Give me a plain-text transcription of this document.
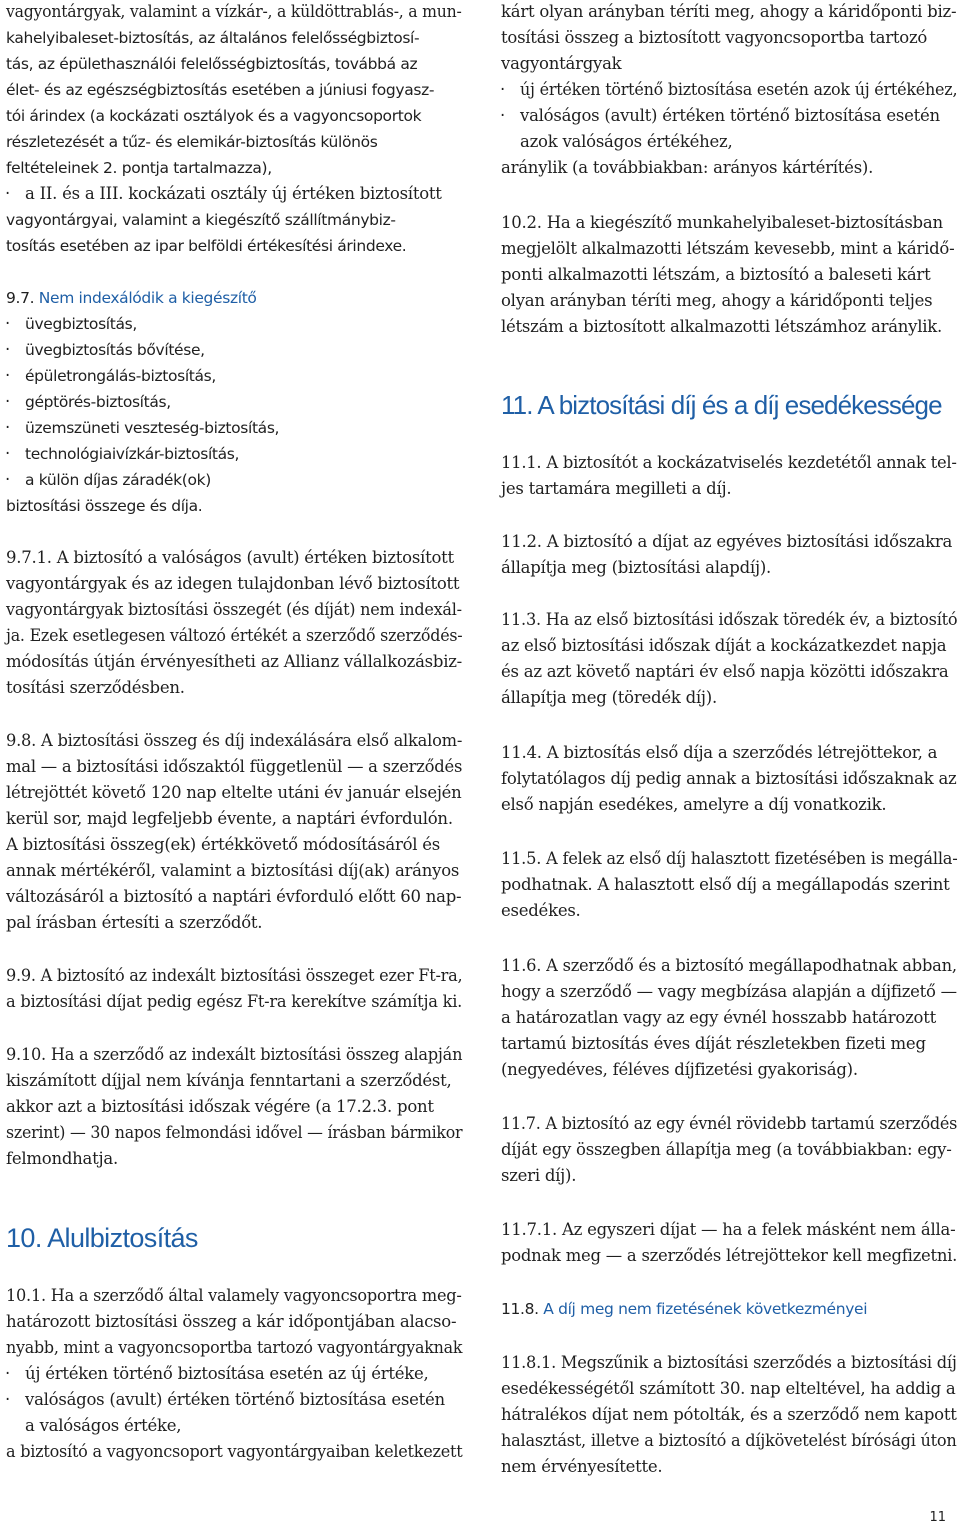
vagyontárgyak, valamint a vízkár-, a küldöttrablás-, a mun-
kahelyibaleset-biztosítás, az általános felelősségbiztosí-
tás, az épülethasználói felelősségbiztosítás, továbbá az
élet- és az egészségbiztosítás esetében a júniusi fogyasz-
tói árindex (a kockázati osztályok és a vagyoncsoportok
részletezését a tűz- és elemikár-biztosítás különös
feltételeinek 2. pontja tartalmazza),
· a II. és a III. kockázati osztály új értéken biztosított
vagyontárgyai, valamint a kiegészítő szállítmánybiz-
tosítás esetében az ipar belföldi értékesítési árindexe.
9.7. Nem indexálódik a kiegészítő
· üvegbiztosítás,
· üvegbiztosítás bővítése,
· épületrongálás-biztosítás,
· géptörés-biztosítás,
· üzemszüneti veszteség-biztosítás,
· technológiaivízkár-biztosítás,
· a külön díjas záradék(ok)
biztosítási összege és díja.
9.7.1. A biztosító a valóságos (avult) értéken biztosított
vagyontárgyak és az idegen tulajdonban lévő biztosított
vagyontárgyak biztosítási összegét (és díját) nem indexál-
ja. Ezek esetlegesen változó értékét a szerződő szerződés-
módosítás útján érvényesítheti az Allianz vállalkozásbiz-
tosítási szerződésben.
9.8. A biztosítási összeg és díj indexálására első alkalom-
mal — a biztosítási időszaktól függetlenül — a szerződés
létrejöttét követő 120 nap eltelte utáni év január elsején
kerül sor, majd legfeljebb évente, a naptári évfordulón.
A biztosítási összeg(ek) értékkövető módosításáról és
annak mértékéről, valamint a biztosítási díj(ak) arányos
változásáról a biztosító a naptári évforduló előtt 60 nap-
pal írásban értesíti a szerződőt.
9.9. A biztosító az indexált biztosítási összeget ezer Ft-ra,
a biztosítási díjat pedig egész Ft-ra kerekítve számítja ki.
9.10. Ha a szerződő az indexált biztosítási összeg alapján
kiszámított díjjal nem kívánja fenntartani a szerződést,
akkor azt a biztosítási időszak végére (a 17.2.3. pont
szerint) — 30 napos felmondási idővel — írásban bármikor
felmondhatja.
10. Alulbiztosítás
10.1. Ha a szerződő által valamely vagyoncsoportra meg-
határozott biztosítási összeg a kár időpontjában alacso-
nyabb, mint a vagyoncsoportba tartozó vagyontárgyaknak
· új értéken történő biztosítása esetén az új értéke,
· valóságos (avult) értéken történő biztosítása esetén
a valóságos értéke,
a biztosító a vagyoncsoport vagyontárgyaiban keletkezett
kárt olyan arányban téríti meg, ahogy a káridőponti biz-
tosítási összeg a biztosított vagyoncsoportba tartozó
vagyontárgyak
· új értéken történő biztosítása esetén azok új értékéhez,
· valóságos (avult) értéken történő biztosítása esetén
azok valóságos értékéhez,
aránylik (a továbbiakban: arányos kártérítés).
10.2. Ha a kiegészítő munkahelyibaleset-biztosításban
megjelölt alkalmazotti létszám kevesebb, mint a káridő-
ponti alkalmazotti létszám, a biztosító a baleseti kárt
olyan arányban téríti meg, ahogy a káridőponti teljes
létszám a biztosított alkalmazotti létszámhoz aránylik.
11. A biztosítási díj és a díj esedékessége
11.1. A biztosítót a kockázatviselés kezdetétől annak tel-
jes tartamára megilleti a díj.
11.2. A biztosító a díjat az egyéves biztosítási időszakra
állapítja meg (biztosítási alapdíj).
11.3. Ha az első biztosítási időszak töredék év, a biztosító
az első biztosítási időszak díját a kockázatkezdet napja
és az azt követő naptári év első napja közötti időszakra
állapítja meg (töredék díj).
11.4. A biztosítás első díja a szerződés létrejöttekor, a
folytatólagos díj pedig annak a biztosítási időszaknak az
első napján esedékes, amelyre a díj vonatkozik.
11.5. A felek az első díj halasztott fizetésében is megálla-
podhatnak. A halasztott első díj a megállapodás szerint
esedékes.
11.6. A szerződő és a biztosító megállapodhatnak abban,
hogy a szerződő — vagy megbízása alapján a díjfizető —
a határozatlan vagy az egy évnél hosszabb határozott
tartamú biztosítás éves díját részletekben fizeti meg
(negyedéves, féléves díjfizetési gyakoriság).
11.7. A biztosító az egy évnél rövidebb tartamú szerződés
díját egy összegben állapítja meg (a továbbiakban: egy-
szeri díj).
11.7.1. Az egyszeri díjat — ha a felek másként nem álla-
podnak meg — a szerződés létrejöttekor kell megfizetni.
11.8. A díj meg nem fizetésének következményei
11.8.1. Megszűnik a biztosítási szerződés a biztosítási díj
esedékességétől számított 30. nap elteltével, ha addig a
hátralékos díjat nem pótolták, és a szerződő nem kapott
halasztást, illetve a biztosító a díjkövetelést bírósági úton
nem érvényesítette.
11
